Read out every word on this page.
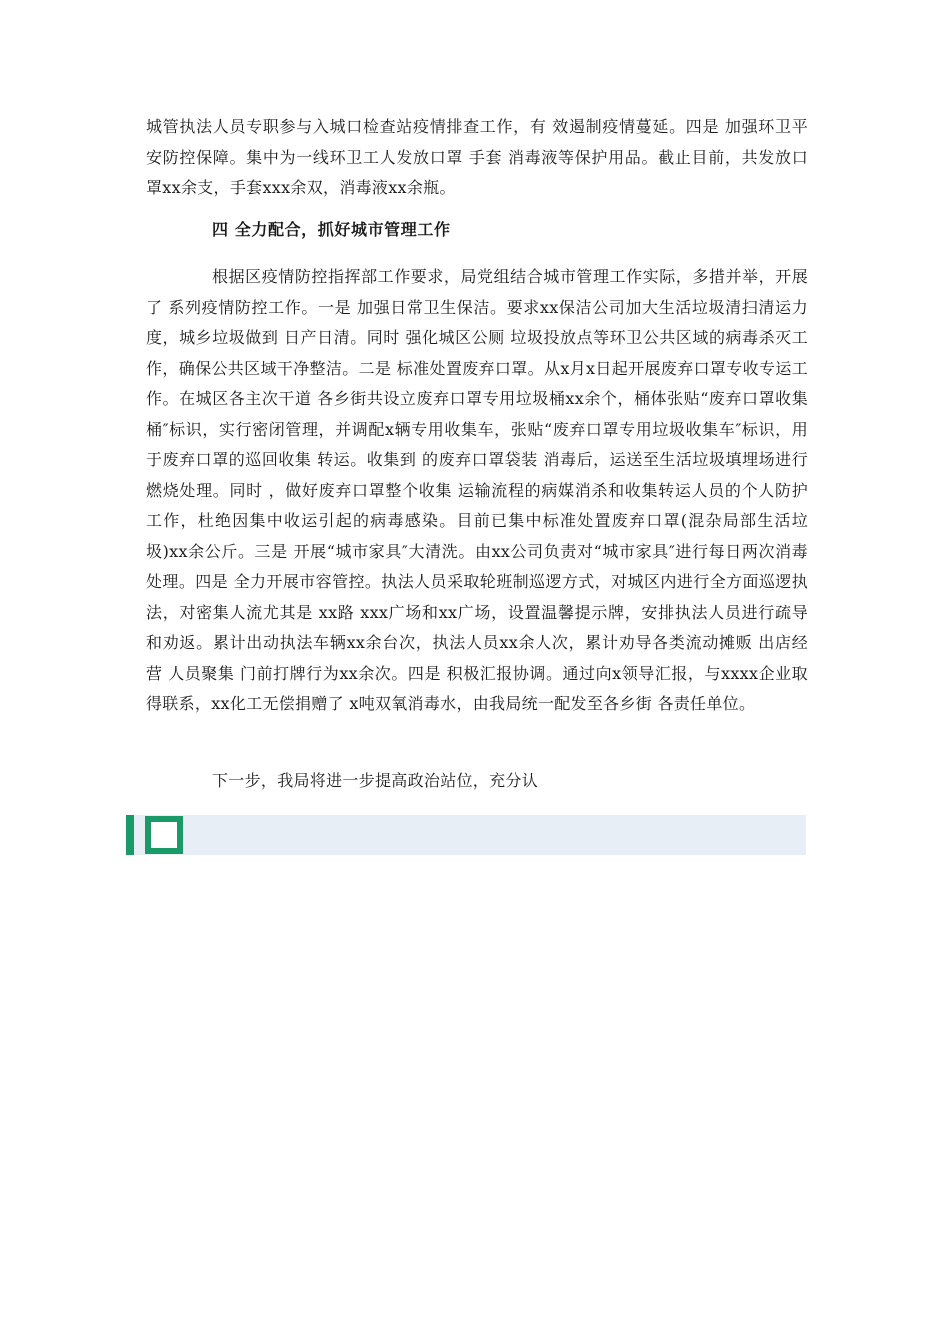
城管执法人员专职参与入城口检查站疫情排查工作，有 效遏制疫情蔓延。四是 加强环卫平安防控保障。集中为一线环卫工人发放口罩 手套 消毒液等保护用品。截止目前，共发放口罩xx余支，手套xxx余双，消毒液xx余瓶。

四 全力配合，抓好城市管理工作

根据区疫情防控指挥部工作要求，局党组结合城市管理工作实际，多措并举，开展了 系列疫情防控工作。一是 加强日常卫生保洁。要求xx保洁公司加大生活垃圾清扫清运力度，城乡垃圾做到 日产日清。同时 强化城区公厕 垃圾投放点等环卫公共区域的病毒杀灭工作，确保公共区域干净整洁。二是 标准处置废弃口罩。从x月x日起开展废弃口罩专收专运工作。在城区各主次干道 各乡街共设立废弃口罩专用垃圾桶xx余个，桶体张贴“废弃口罩收集桶″标识，实行密闭管理，并调配x辆专用收集车，张贴“废弃口罩专用垃圾收集车″标识，用于废弃口罩的巡回收集 转运。收集到 的废弃口罩袋装 消毒后，运送至生活垃圾填埋场进行燃烧处理。同时 ，做好废弃口罩整个收集 运输流程的病媒消杀和收集转运人员的个人防护工作，杜绝因集中收运引起的病毒感染。目前已集中标准处置废弃口罩(混杂局部生活垃圾)xx余公斤。三是 开展“城市家具″大清洗。由xx公司负责对“城市家具″进行每日两次消毒处理。四是 全力开展市容管控。执法人员采取轮班制巡逻方式，对城区内进行全方面巡逻执法，对密集人流尤其是 xx路 xxx广场和xx广场，设置温馨提示牌，安排执法人员进行疏导和劝返。累计出动执法车辆xx余台次，执法人员xx余人次，累计劝导各类流动摊贩 出店经营 人员聚集 门前打牌行为xx余次。四是 积极汇报协调。通过向x领导汇报，与xxxx企业取得联系，xx化工无偿捐赠了 x吨双氧消毒水，由我局统一配发至各乡街 各责任单位。

下一步，我局将进一步提高政治站位，充分认
